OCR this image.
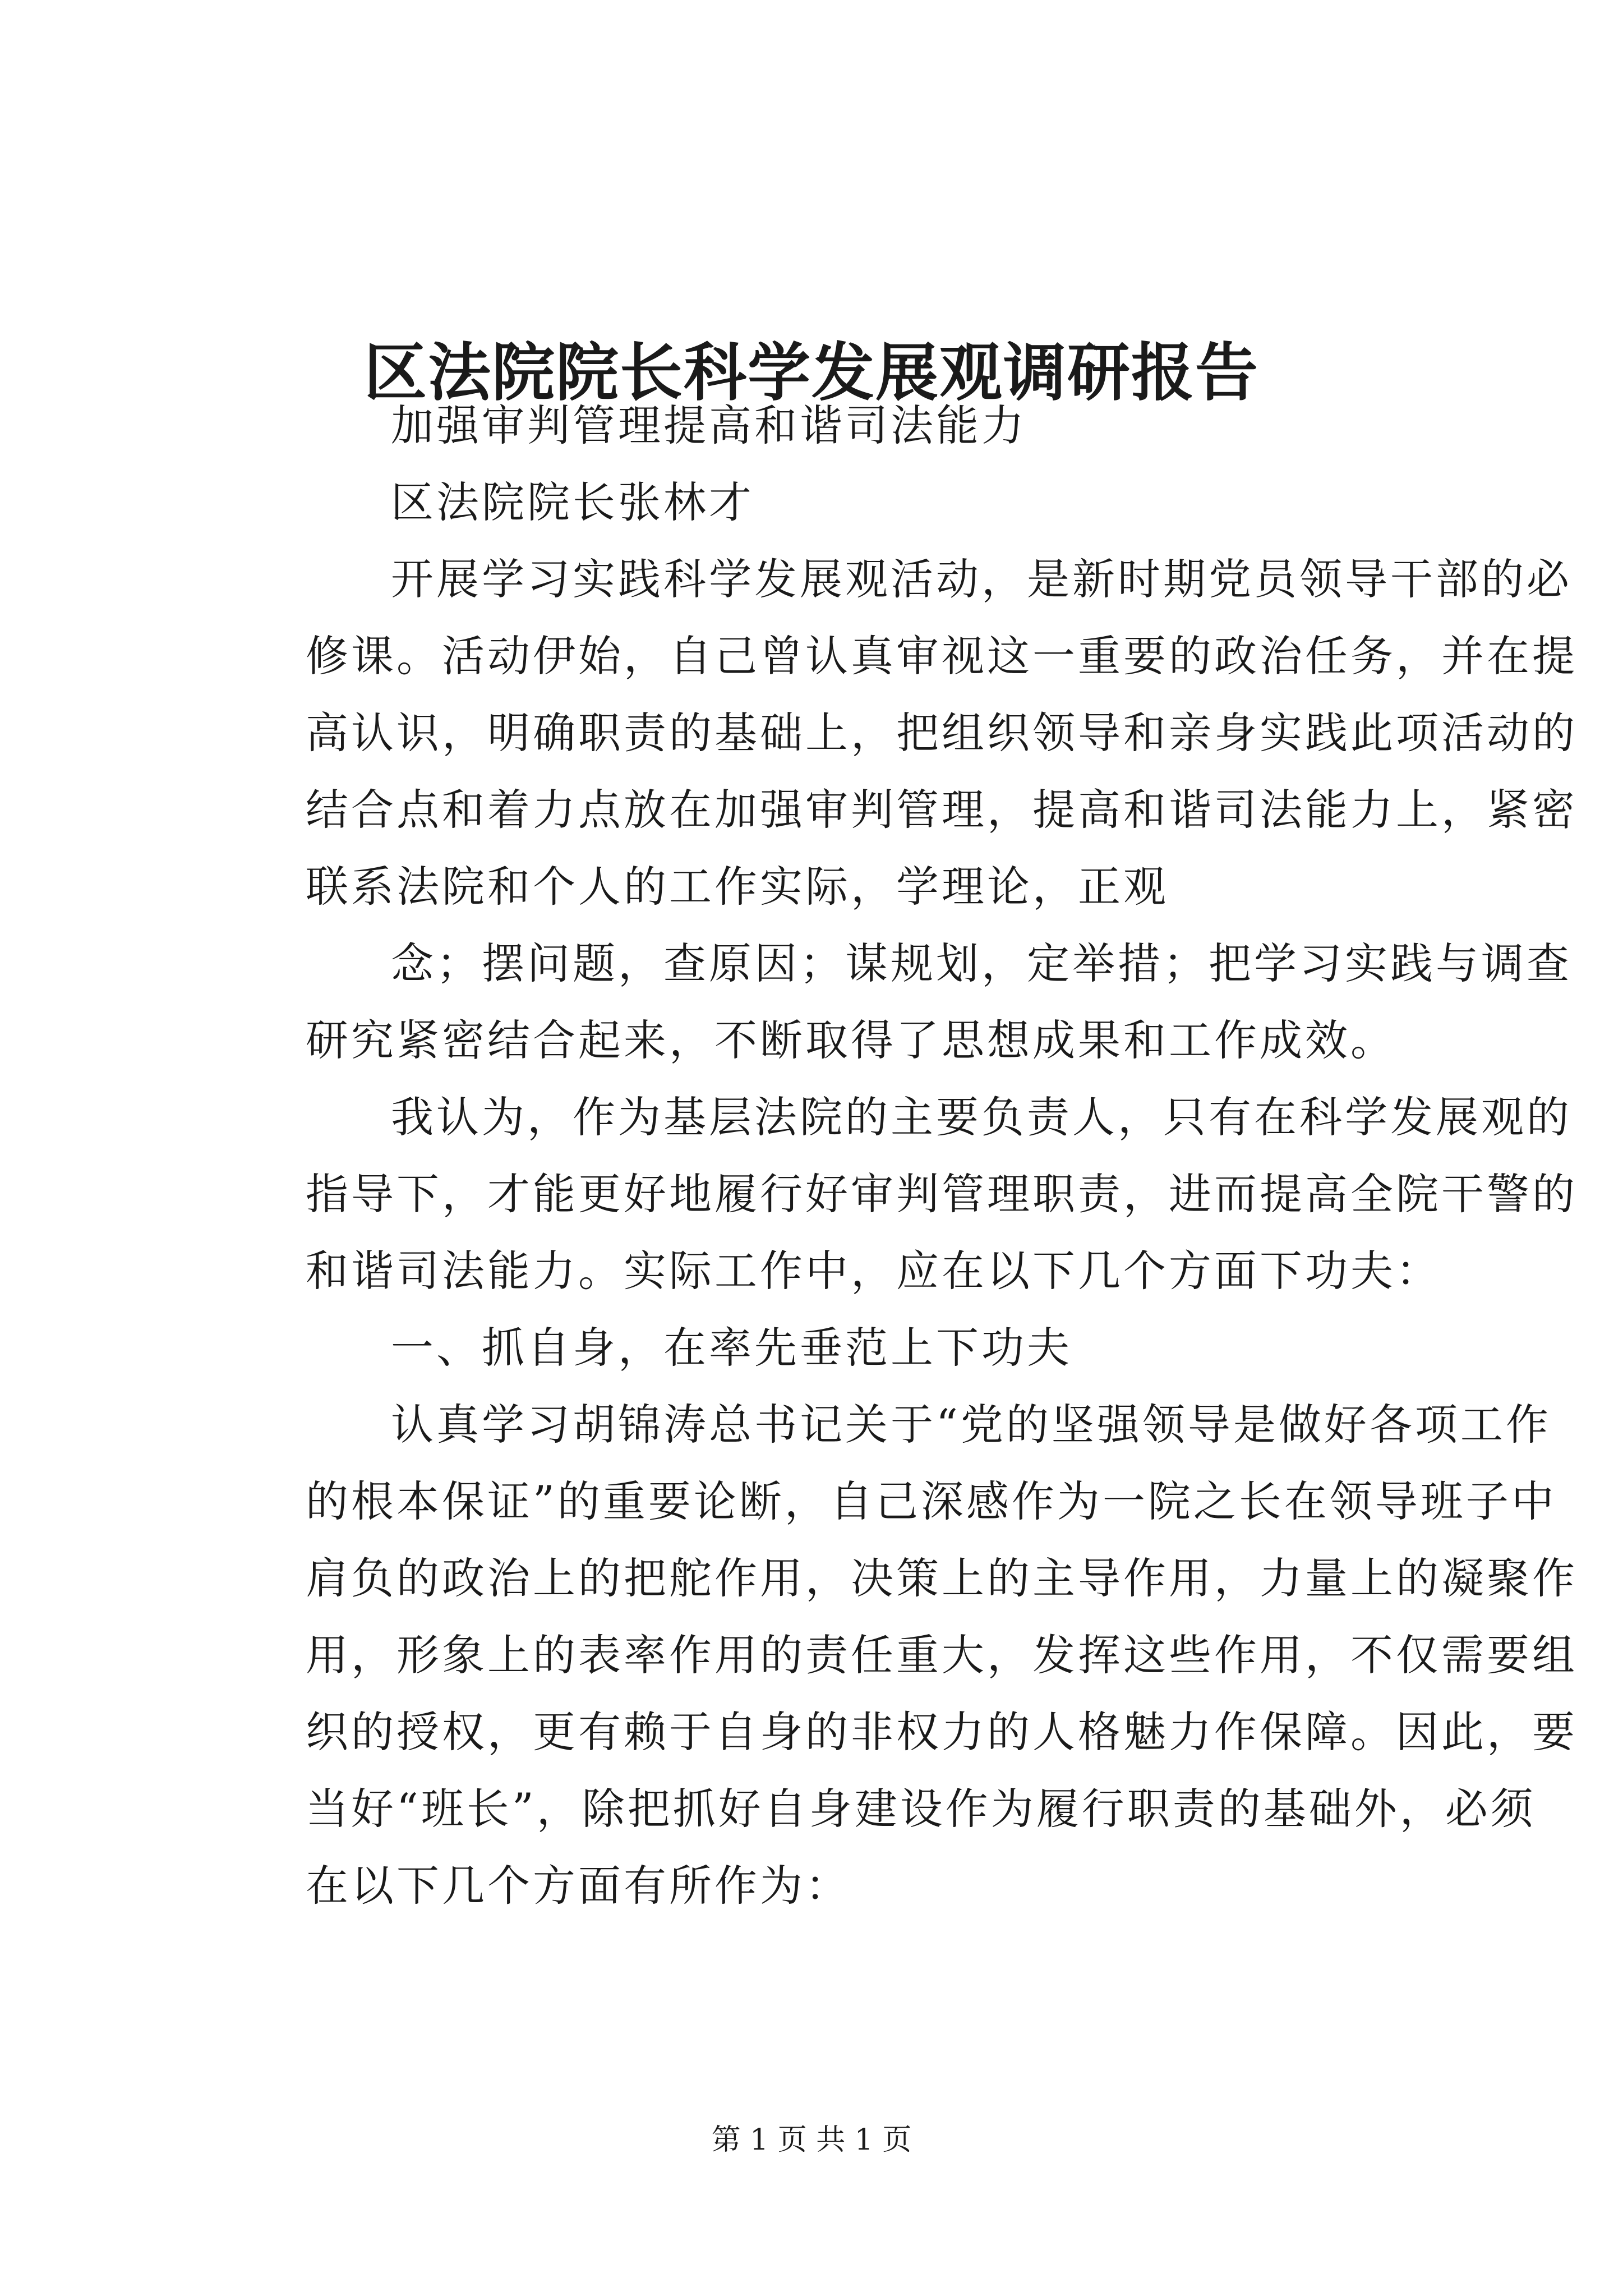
区法院院长科学发展观调研报告

加强审判管理提高和谐司法能力

区法院院长张林才

开展学习实践科学发展观活动，是新时期党员领导干部的必
修课。活动伊始，自己曾认真审视这一重要的政治任务，并在提
高认识，明确职责的基础上，把组织领导和亲身实践此项活动的
结合点和着力点放在加强审判管理，提高和谐司法能力上，紧密
联系法院和个人的工作实际，学理论，正观

念；摆问题，查原因；谋规划，定举措；把学习实践与调查
研究紧密结合起来，不断取得了思想成果和工作成效。

我认为，作为基层法院的主要负责人，只有在科学发展观的
指导下，才能更好地履行好审判管理职责，进而提高全院干警的
和谐司法能力。实际工作中，应在以下几个方面下功夫：

一、抓自身，在率先垂范上下功夫

认真学习胡锦涛总书记关于“党的坚强领导是做好各项工作
的根本保证”的重要论断，自己深感作为一院之长在领导班子中
肩负的政治上的把舵作用，决策上的主导作用，力量上的凝聚作
用，形象上的表率作用的责任重大，发挥这些作用，不仅需要组
织的授权，更有赖于自身的非权力的人格魅力作保障。因此，要
当好“班长”，除把抓好自身建设作为履行职责的基础外，必须
在以下几个方面有所作为：

第 1 页 共 1 页
